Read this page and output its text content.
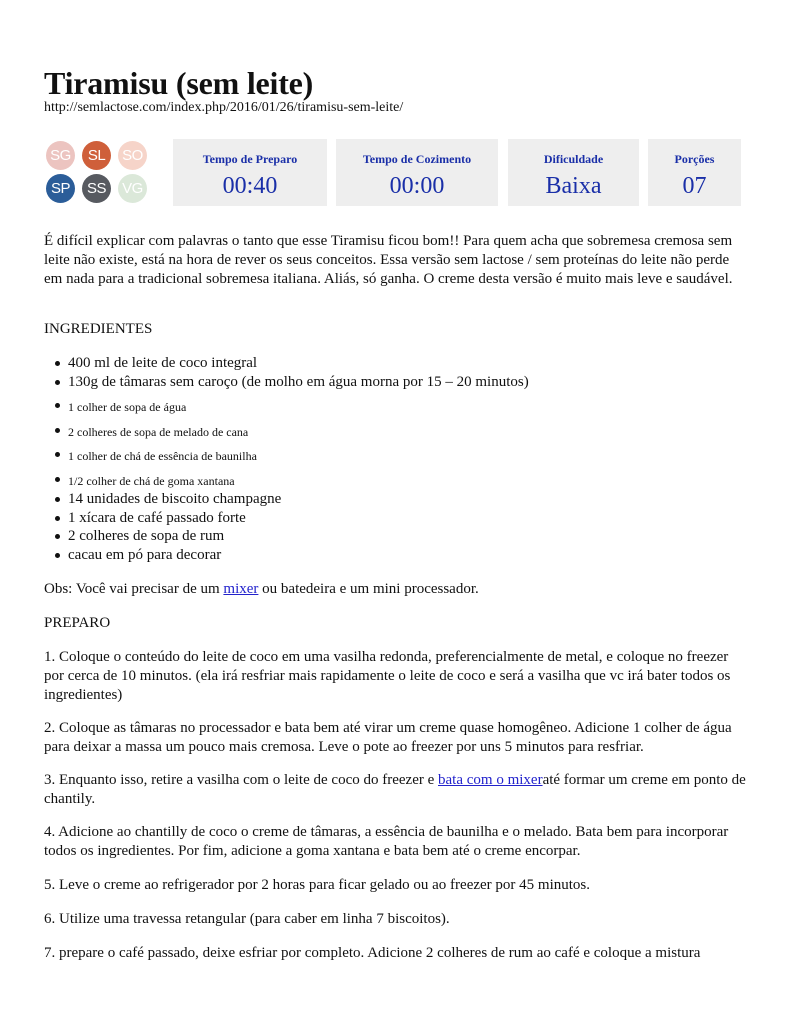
Tiramisu (sem leite)
http://semlactose.com/index.php/2016/01/26/tiramisu-sem-leite/
SG	SL	SO
SP	SS	VG
Tempo de Preparo
00:40
Tempo de Cozimento
00:00
Dificuldade
Baixa
Porções
07

É difícil explicar com palavras o tanto que esse Tiramisu ficou bom!! Para quem acha que sobremesa cremosa sem leite não existe, está na hora de rever os seus conceitos. Essa versão sem lactose / sem proteínas do leite não perde em nada para a tradicional sobremesa italiana. Aliás, só ganha. O creme desta versão é muito mais leve e saudável.

INGREDIENTES

400 ml de leite de coco integral
130g de tâmaras sem caroço (de molho em água morna por 15 – 20 minutos)
1 colher de sopa de água
2 colheres de sopa de melado de cana
1 colher de chá de essência de baunilha
1/2 colher de chá de goma xantana
14 unidades de biscoito champagne
1 xícara de café passado forte
2 colheres de sopa de rum
cacau em pó para decorar

Obs: Você vai precisar de um mixer ou batedeira e um mini processador.

PREPARO

1. Coloque o conteúdo do leite de coco em uma vasilha redonda, preferencialmente de metal, e coloque no freezer por cerca de 10 minutos. (ela irá resfriar mais rapidamente o leite de coco e será a vasilha que vc irá bater todos os ingredientes)

2. Coloque as tâmaras no processador e bata bem até virar um creme quase homogêneo. Adicione 1 colher de água para deixar a massa um pouco mais cremosa. Leve o pote ao freezer por uns 5 minutos para resfriar.

3. Enquanto isso, retire a vasilha com o leite de coco do freezer e bata com o mixeraté formar um creme em ponto de chantily.

4. Adicione ao chantilly de coco o creme de tâmaras, a essência de baunilha e o melado. Bata bem para incorporar todos os ingredientes. Por fim, adicione a goma xantana e bata bem até o creme encorpar.

5. Leve o creme ao refrigerador por 2 horas para ficar gelado ou ao freezer por 45 minutos.

6. Utilize uma travessa retangular (para caber em linha 7 biscoitos).

7. prepare o café passado, deixe esfriar por completo. Adicione 2 colheres de rum ao café e coloque a mistura
